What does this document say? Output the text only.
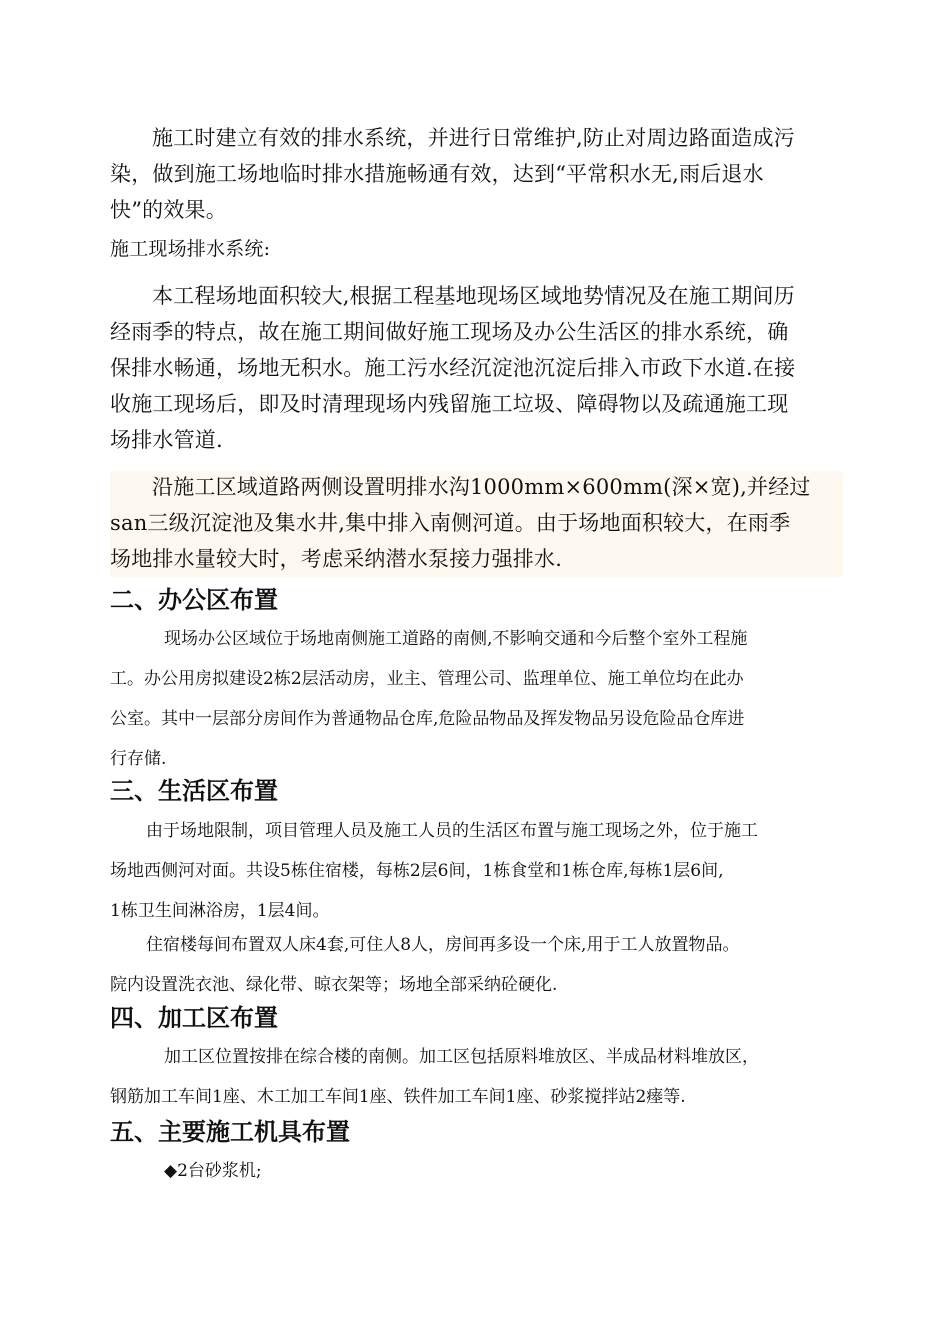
施工时建立有效的排水系统，并进行日常维护,防止对周边路面造成污
染，做到施工场地临时排水措施畅通有效，达到“平常积水无,雨后退水
快”的效果。
施工现场排水系统:
本工程场地面积较大,根据工程基地现场区域地势情况及在施工期间历
经雨季的特点，故在施工期间做好施工现场及办公生活区的排水系统，确
保排水畅通，场地无积水。施工污水经沉淀池沉淀后排入市政下水道.在接
收施工现场后，即及时清理现场内残留施工垃圾、障碍物以及疏通施工现
场排水管道.
沿施工区域道路两侧设置明排水沟1000mm×600mm(深×宽),并经过
san三级沉淀池及集水井,集中排入南侧河道。由于场地面积较大，在雨季
场地排水量较大时，考虑采纳潜水泵接力强排水.
二、办公区布置
现场办公区域位于场地南侧施工道路的南侧,不影响交通和今后整个室外工程施
工。办公用房拟建设2栋2层活动房，业主、管理公司、监理单位、施工单位均在此办
公室。其中一层部分房间作为普通物品仓库,危险品物品及挥发物品另设危险品仓库进
行存储.
三、生活区布置
由于场地限制，项目管理人员及施工人员的生活区布置与施工现场之外，位于施工
场地西侧河对面。共设5栋住宿楼，每栋2层6间，1栋食堂和1栋仓库,每栋1层6间,
1栋卫生间淋浴房，1层4间。
住宿楼每间布置双人床4套,可住人8人，房间再多设一个床,用于工人放置物品。
院内设置洗衣池、绿化带、晾衣架等；场地全部采纳砼硬化.
四、加工区布置
加工区位置按排在综合楼的南侧。加工区包括原料堆放区、半成品材料堆放区，
钢筋加工车间1座、木工加工车间1座、铁件加工车间1座、砂浆搅拌站2瘗等.
五、主要施工机具布置
◆2台砂浆机;
